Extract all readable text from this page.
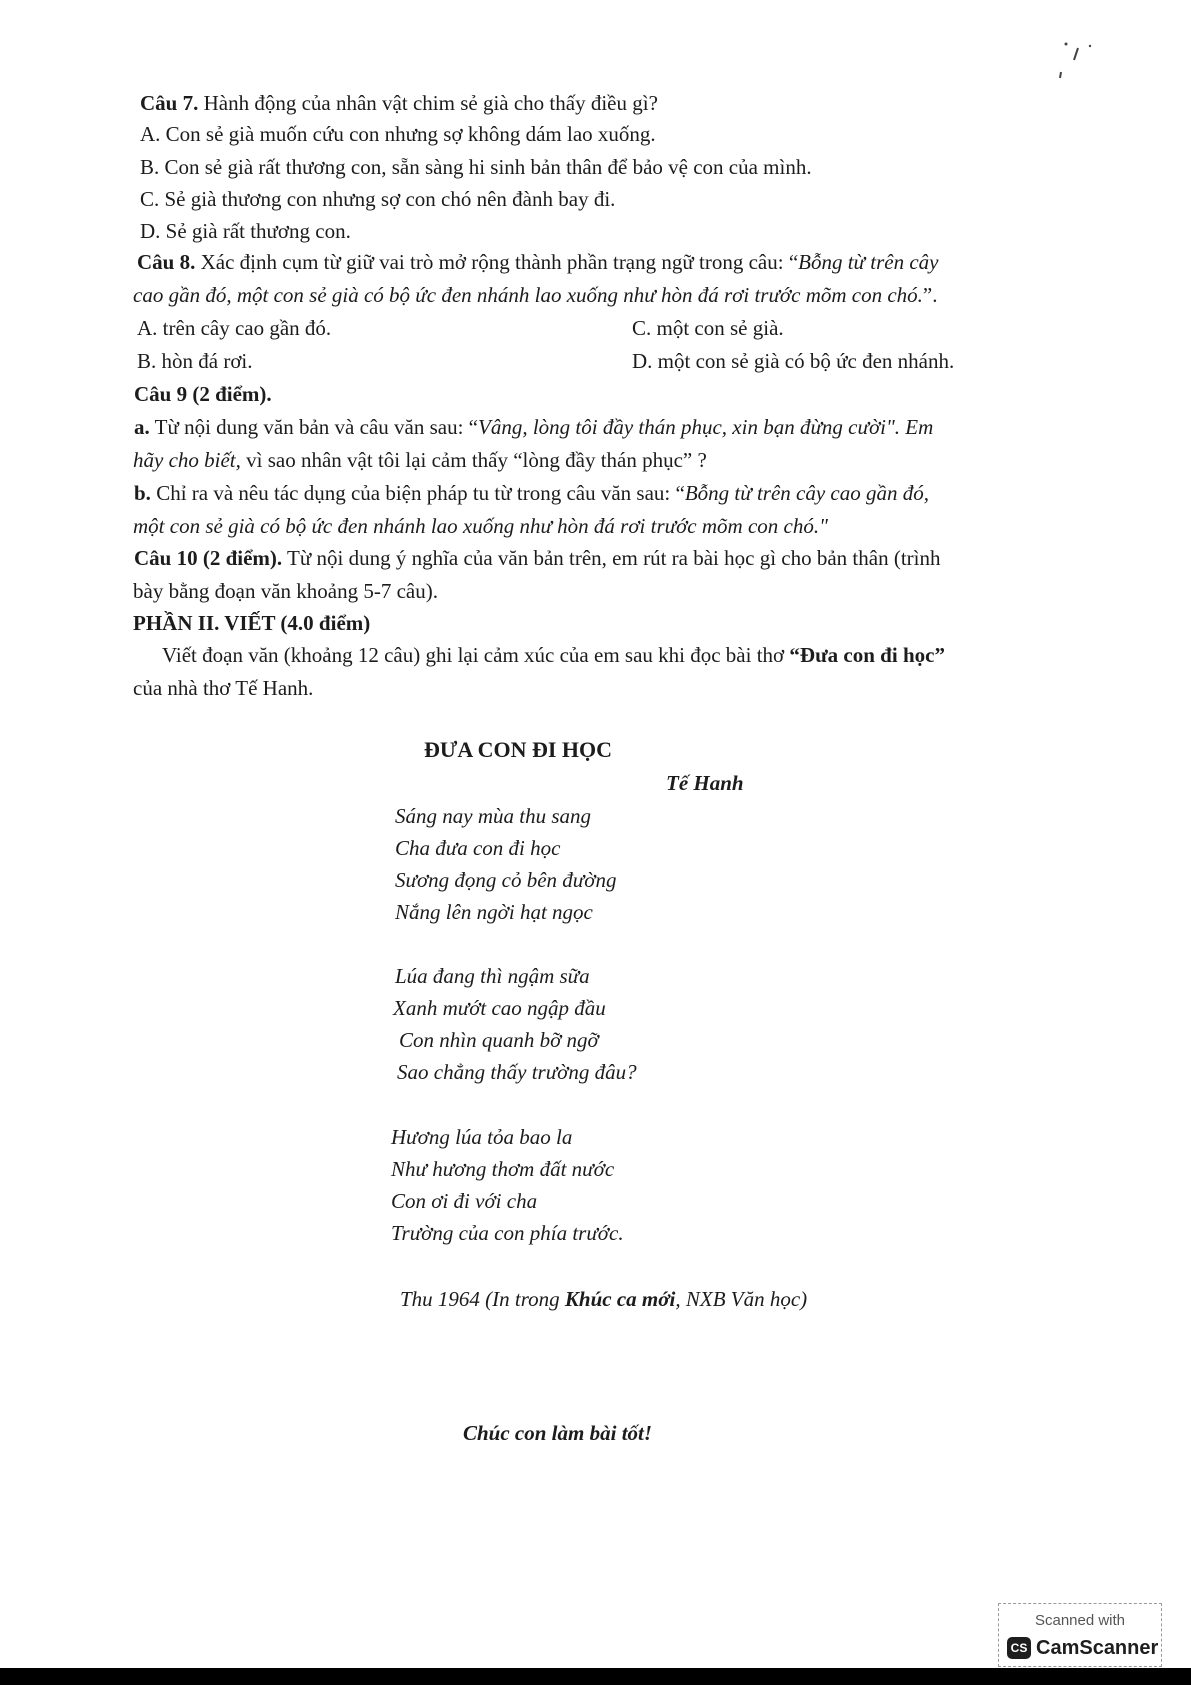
Câu 7. Hành động của nhân vật chim sẻ già cho thấy điều gì?
A. Con sẻ già muốn cứu con nhưng sợ không dám lao xuống.
B. Con sẻ già rất thương con, sẵn sàng hi sinh bản thân để bảo vệ con của mình.
C. Sẻ già thương con nhưng sợ con chó nên đành bay đi.
D. Sẻ già rất thương con.
Câu 8. Xác định cụm từ giữ vai trò mở rộng thành phần trạng ngữ trong câu: “Bỗng từ trên cây
cao gần đó, một con sẻ già có bộ ức đen nhánh lao xuống như hòn đá rơi trước mõm con chó.”.
A. trên cây cao gần đó.	C. một con sẻ già.
B. hòn đá rơi.	D. một con sẻ già có bộ ức đen nhánh.
Câu 9 (2 điểm).
a. Từ nội dung văn bản và câu văn sau: “Vâng, lòng tôi đầy thán phục, xin bạn đừng cười". Em
hãy cho biết, vì sao nhân vật tôi lại cảm thấy “lòng đầy thán phục” ?
b. Chỉ ra và nêu tác dụng của biện pháp tu từ trong câu văn sau: “Bỗng từ trên cây cao gần đó,
một con sẻ già có bộ ức đen nhánh lao xuống như hòn đá rơi trước mõm con chó."
Câu 10 (2 điểm). Từ nội dung ý nghĩa của văn bản trên, em rút ra bài học gì cho bản thân (trình
bày bằng đoạn văn khoảng 5-7 câu).
PHẦN II. VIẾT (4.0 điểm)
Viết đoạn văn (khoảng 12 câu) ghi lại cảm xúc của em sau khi đọc bài thơ “Đưa con đi học”
của nhà thơ Tế Hanh.
ĐƯA CON ĐI HỌC
Tế Hanh
Sáng nay mùa thu sang
Cha đưa con đi học
Sương đọng cỏ bên đường
Nắng lên ngời hạt ngọc
Lúa đang thì ngậm sữa
Xanh mướt cao ngập đầu
Con nhìn quanh bỡ ngỡ
Sao chẳng thấy trường đâu?
Hương lúa tỏa bao la
Như hương thơm đất nước
Con ơi đi với cha
Trường của con phía trước.
Thu 1964 (In trong Khúc ca mới, NXB Văn học)
Chúc con làm bài tốt!
Scanned with
CS CamScanner
